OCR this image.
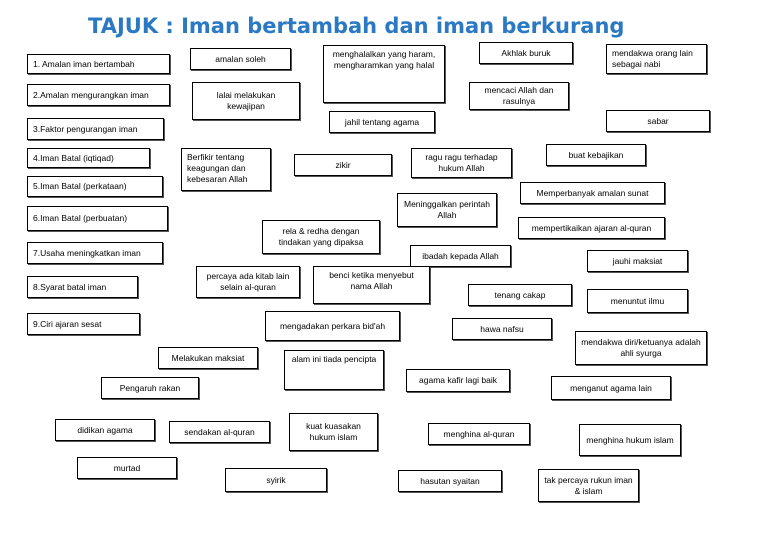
TAJUK : Iman bertambah dan iman berkurang
1. Amalan iman bertambah
2.Amalan mengurangkan iman
3.Faktor pengurangan iman
4.Iman Batal (iqtiqad)
5.Iman Batal (perkataan)
6.Iman Batal (perbuatan)
7.Usaha meningkatkan iman
8.Syarat batal iman
9.Ciri ajaran sesat
amalan soleh	menghalalkan yang haram, mengharamkan yang halal
Akhlak buruk	mendakwa orang lain sebagai nabi
lalai melakukan kewajipan
mencaci Allah dan rasulnya
jahil tentang agama	sabar
Berfikir tentang keagungan dan kebesaran Allah
zikir
ragu ragu terhadap hukum Allah
buat kebajikan
Meninggalkan perintah Allah
Memperbanyak amalan sunat
rela & redha dengan tindakan yang dipaksa
mempertikaikan ajaran al-quran
ibadah kepada Allah	jauhi maksiat
percaya ada kitab lain selain al-quran
benci ketika menyebut nama Allah
tenang cakap
menuntut ilmu
mengadakan perkara bid'ah	hawa nafsu
mendakwa diri/ketuanya adalah ahli syurga
Melakukan maksiat	alam ini tiada pencipta
agama kafir lagi baik
Pengaruh rakan	menganut agama lain
didikan agama	sendakan al-quran
kuat kuasakan hukum islam	menghina al-quran
menghina hukum islam
murtad
syirik	hasutan syaitan	tak percaya rukun iman & islam
